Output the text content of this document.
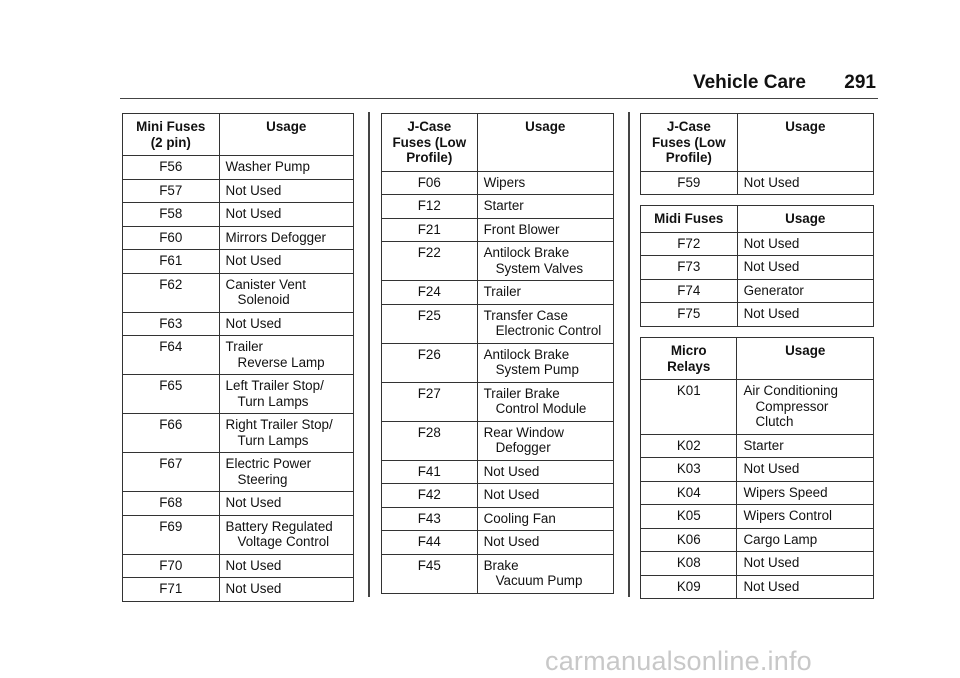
Vehicle Care 291
Mini Fuses
(2 pin)	Usage
F56	Washer Pump

F57	Not Used

F58	Not Used

F60	Mirrors Defogger

F61	Not Used

F62	Canister Vent
Solenoid

F63	Not Used

F64	Trailer
Reverse Lamp

F65	Left Trailer Stop/
Turn Lamps

F66	Right Trailer Stop/
Turn Lamps

F67	Electric Power
Steering

F68	Not Used

F69	Battery Regulated
Voltage Control

F70	Not Used

F71	Not Used
J-Case
Fuses (Low
Profile)	Usage
F06	Wipers

F12	Starter

F21	Front Blower

F22	Antilock Brake
System Valves

F24	Trailer

F25	Transfer Case
Electronic Control

F26	Antilock Brake
System Pump

F27	Trailer Brake
Control Module

F28	Rear Window
Defogger

F41	Not Used

F42	Not Used

F43	Cooling Fan

F44	Not Used

F45	Brake
Vacuum Pump
J-Case
Fuses (Low
Profile)	Usage
F59	Not Used
Midi Fuses	Usage
F72	Not Used

F73	Not Used

F74	Generator

F75	Not Used
Micro
Relays	Usage
K01	Air Conditioning
Compressor Clutch

K02	Starter

K03	Not Used

K04	Wipers Speed

K05	Wipers Control

K06	Cargo Lamp

K08	Not Used

K09	Not Used
carmanualsonline.info
